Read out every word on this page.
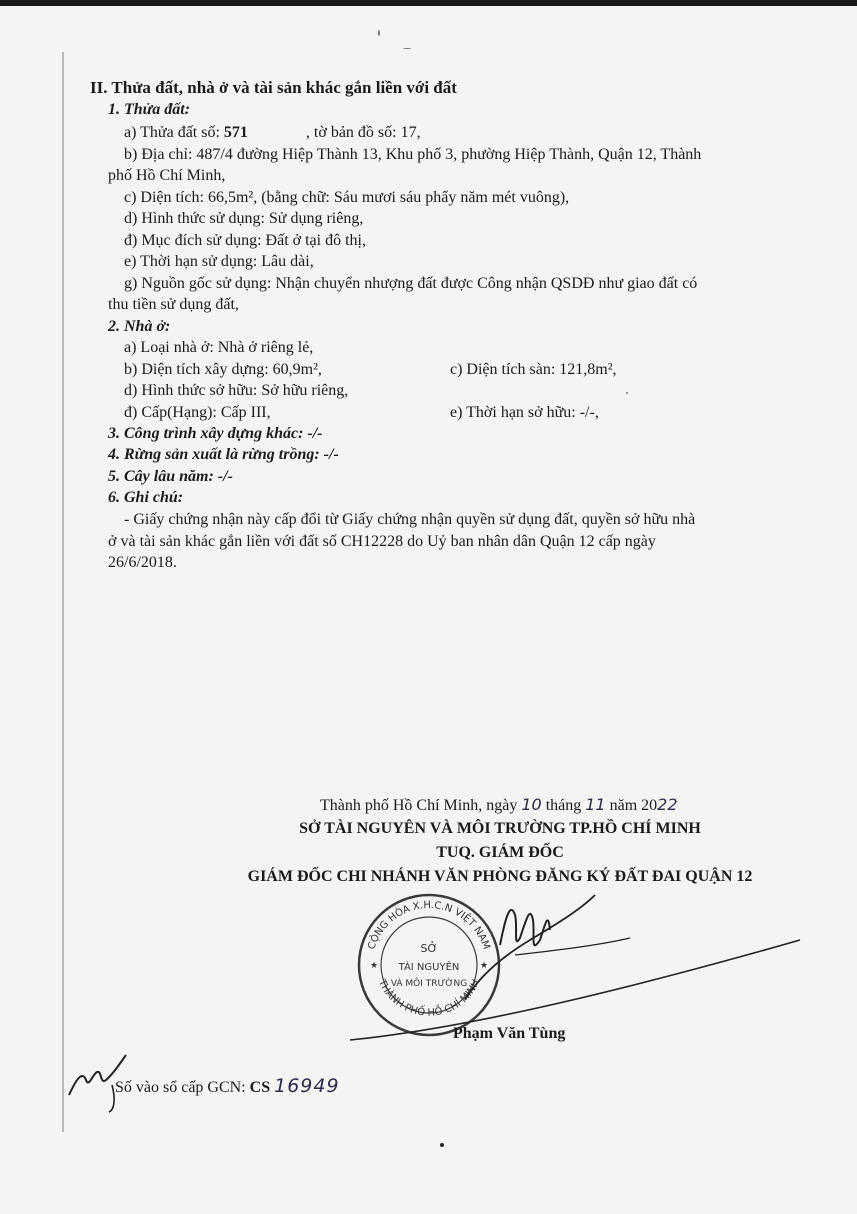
II. Thửa đất, nhà ở và tài sản khác gắn liền với đất
1. Thửa đất:
a) Thửa đất số: 571	, tờ bản đồ số: 17,
b) Địa chỉ: 487/4 đường Hiệp Thành 13, Khu phố 3, phường Hiệp Thành, Quận 12, Thành
phố Hồ Chí Minh,
c) Diện tích: 66,5m², (bằng chữ: Sáu mươi sáu phẩy năm mét vuông),
d) Hình thức sử dụng: Sử dụng riêng,
đ) Mục đích sử dụng: Đất ở tại đô thị,
e) Thời hạn sử dụng: Lâu dài,
g) Nguồn gốc sử dụng: Nhận chuyển nhượng đất được Công nhận QSDĐ như giao đất có
thu tiền sử dụng đất,
2. Nhà ở:
a) Loại nhà ở: Nhà ở riêng lẻ,
b) Diện tích xây dựng: 60,9m²,	c) Diện tích sàn: 121,8m²,
d) Hình thức sở hữu: Sở hữu riêng,
đ) Cấp(Hạng): Cấp III,	e) Thời hạn sở hữu: -/-,
3. Công trình xây dựng khác: -/-
4. Rừng sản xuất là rừng trồng: -/-
5. Cây lâu năm: -/-
6. Ghi chú:
- Giấy chứng nhận này cấp đổi từ Giấy chứng nhận quyền sử dụng đất, quyền sở hữu nhà
ở và tài sản khác gắn liền với đất số CH12228 do Uỷ ban nhân dân Quận 12 cấp ngày
26/6/2018.
Thành phố Hồ Chí Minh, ngày 10 tháng 11 năm 2022
SỞ TÀI NGUYÊN VÀ MÔI TRƯỜNG TP.HỒ CHÍ MINH
TUQ. GIÁM ĐỐC
GIÁM ĐỐC CHI NHÁNH VĂN PHÒNG ĐĂNG KÝ ĐẤT ĐAI QUẬN 12
CỘNG HÒA X.H.C.N VIỆT NAM
THÀNH PHỐ HỒ CHÍ MINH
SỞ
TÀI NGUYÊN
VÀ MÔI TRƯỜNG
★	★
Phạm Văn Tùng
Số vào sổ cấp GCN: CS 16949
